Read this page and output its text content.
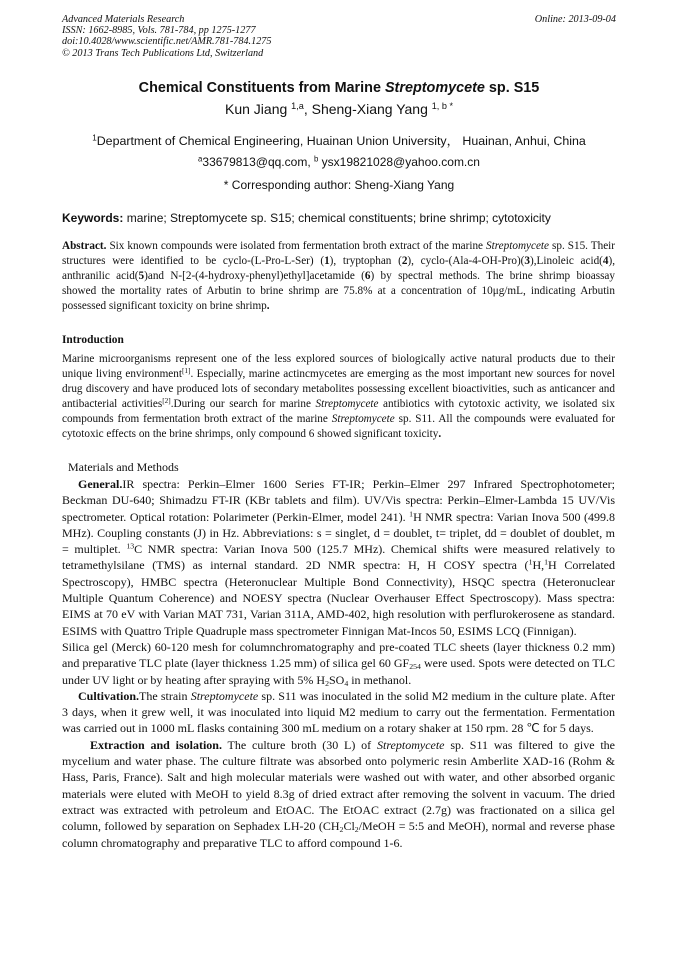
Advanced Materials Research
ISSN: 1662-8985, Vols. 781-784, pp 1275-1277
doi:10.4028/www.scientific.net/AMR.781-784.1275
© 2013 Trans Tech Publications Ltd, Switzerland
Online: 2013-09-04
Chemical Constituents from Marine Streptomycete sp. S15
Kun Jiang $^{1,a}$, Sheng-Xiang Yang $^{1, b *}$
$^1$Department of Chemical Engineering, Huainan Union University， Huainan, Anhui, China
$^a$33679813@qq.com, $^b$ ysx19821028@yahoo.com.cn
* Corresponding author: Sheng-Xiang Yang
Keywords: marine; Streptomycete sp. S15; chemical constituents; brine shrimp; cytotoxicity
Abstract. Six known compounds were isolated from fermentation broth extract of the marine Streptomycete sp. S15. Their structures were identified to be cyclo-(L-Pro-L-Ser) (1), tryptophan (2), cyclo-(Ala-4-OH-Pro)(3),Linoleic acid(4), anthranilic acid(5)and N-[2-(4-hydroxy-phenyl)ethyl]acetamide (6) by spectral methods. The brine shrimp bioassay showed the mortality rates of Arbutin to brine shrimp are 75.8% at a concentration of 10μg/mL, indicating Arbutin possessed significant toxicity on brine shrimp.
Introduction
Marine microorganisms represent one of the less explored sources of biologically active natural products due to their unique living environment[1]. Especially, marine actincmycetes are emerging as the most important new sources for novel drug discovery and have produced lots of secondary metabolites possessing excellent bioactivities, such as anticancer and antibacterial activities[2].During our search for marine Streptomycete antibiotics with cytotoxic activity, we isolated six compounds from fermentation broth extract of the marine Streptomycete sp. S11. All the compounds were evaluated for cytotoxic effects on the brine shrimps, only compound 6 showed significant toxicity.
Materials and Methods
General.IR spectra: Perkin–Elmer 1600 Series FT-IR; Perkin–Elmer 297 Infrared Spectrophotometer; Beckman DU-640; Shimadzu FT-IR (KBr tablets and film). UV/Vis spectra: Perkin–Elmer-Lambda 15 UV/Vis spectrometer. Optical rotation: Polarimeter (Perkin-Elmer, model 241). $^1$H NMR spectra: Varian Inova 500 (499.8 MHz). Coupling constants (J) in Hz. Abbreviations: s = singlet, d = doublet, t= triplet, dd = doublet of doublet, m = multiplet. $^{13}$C NMR spectra: Varian Inova 500 (125.7 MHz). Chemical shifts were measured relatively to tetramethylsilane (TMS) as internal standard. 2D NMR spectra: H, H COSY spectra ($^1$H,$^1$H Correlated Spectroscopy), HMBC spectra (Heteronuclear Multiple Bond Connectivity), HSQC spectra (Heteronuclear Multiple Quantum Coherence) and NOESY spectra (Nuclear Overhauser Effect Spectroscopy). Mass spectra: EIMS at 70 eV with Varian MAT 731, Varian 311A, AMD-402, high resolution with perflurokerosene as standard. ESIMS with Quattro Triple Quadruple mass spectrometer Finnigan Mat-Incos 50, ESIMS LCQ (Finnigan).
Silica gel (Merck) 60-120 mesh for columnchromatography and pre-coated TLC sheets (layer thickness 0.2 mm) and preparative TLC plate (layer thickness 1.25 mm) of silica gel 60 $GF_{254}$ were used. Spots were detected on TLC under UV light or by heating after spraying with 5% $H_2SO_4$ in methanol.
Cultivation.The strain Streptomycete sp. S11 was inoculated in the solid M2 medium in the culture plate. After 3 days, when it grew well, it was inoculated into liquid M2 medium to carry out the fermentation. Fermentation was carried out in 1000 mL flasks containing 300 mL medium on a rotary shaker at 150 rpm. 28 ℃ for 5 days.
Extraction and isolation. The culture broth (30 L) of Streptomycete sp. S11 was filtered to give the mycelium and water phase. The culture filtrate was absorbed onto polymeric resin Amberlite XAD-16 (Rohm & Hass, Paris, France). Salt and high molecular materials were washed out with water, and other absorbed organic materials were eluted with MeOH to yield 8.3g of dried extract after removing the solvent in vacuum. The dried extract was extracted with petroleum and EtOAC. The EtOAC extract (2.7g) was fractionated on a silica gel column, followed by separation on Sephadex LH-20 ($CH_2Cl_2$/MeOH = 5:5 and MeOH), normal and reverse phase column chromatography and preparative TLC to afford compound 1-6.
